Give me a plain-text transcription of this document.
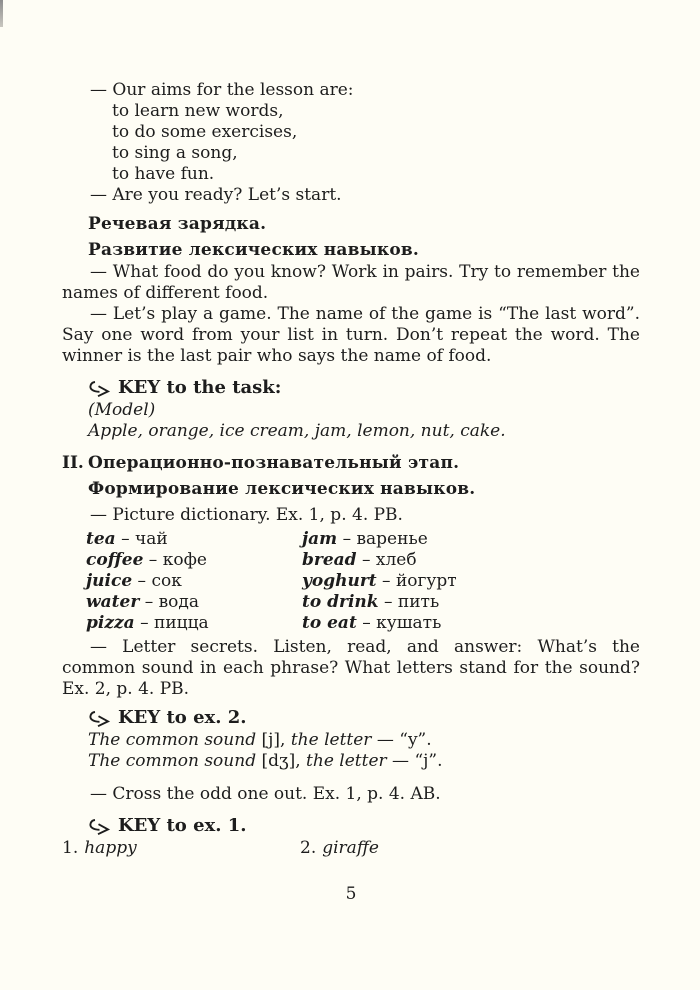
— Our aims for the lesson are:
to learn new words,
to do some exercises,
to sing a song,
to have fun.
— Are you ready? Let’s start.
Речевая зарядка.
Развитие лексических навыков.

— What food do you know? Work in pairs. Try to remember the names of different food.

— Let’s play a game. The name of the game is “The last word”. Say one word from your list in turn. Don’t repeat the word. The winner is the last pair who says the name of food.

KEY to the task:
(Model)
Apple, orange, ice cream, jam, lemon, nut, cake.
II. Операционно-познавательный этап.
Формирование лексических навыков.
— Picture dictionary. Ex. 1, p. 4. PB.
tea – чай	jam – варенье
coffee – кофе	bread – хлеб
juice – сок	yoghurt – йогурт
water – вода	to drink – пить
pizza – пицца	to eat – кушать

— Letter secrets. Listen, read, and answer: What’s the common sound in each phrase? What letters stand for the sound? Ex. 2, p. 4. PB.

KEY to ex. 2.
The common sound [j], the letter — “y”.
The common sound [dʒ], the letter — “j”.
— Cross the odd one out. Ex. 1, p. 4. AB.
KEY to ex. 1.
1. happy	2. giraffe
5
